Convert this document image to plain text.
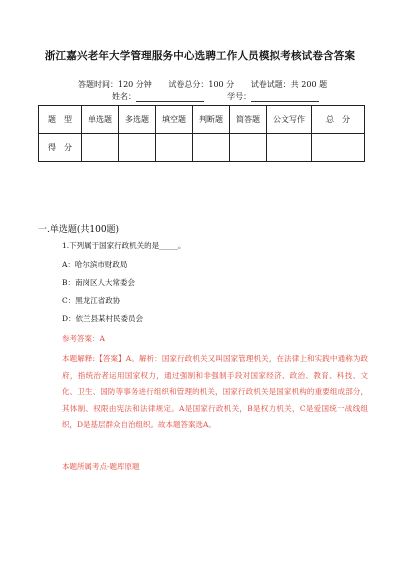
浙江嘉兴老年大学管理服务中心选聘工作人员模拟考核试卷含答案
答题时间：120 分钟 试卷总分：100 分 试卷试题：共 200 题
姓名：	学号：
题　型	单选题	多选题	填空题	判断题	简答题	公文写作	总　分
得　分							
一.单选题(共100题)
1.下列属于国家行政机关的是_____。
A：哈尔滨市财政局
B：南岗区人大常委会
C：黑龙江省政协
D：依兰县某村民委员会
参考答案：A
本题解释:【答案】A。解析：国家行政机关又叫国家管理机关，在法律上和实践中通称为政府，指统治者运用国家权力，通过强制和非强制手段对国家经济、政治、教育、科技、文化、卫生、国防等事务进行组织和管理的机关，国家行政机关是国家机构的重要组成部分，其体制、权限由宪法和法律规定。A是国家行政机关，B是权力机关，C是爱国统一战线组织，D是基层群众自治组织。故本题答案选A。
本题所属考点-题库原题
